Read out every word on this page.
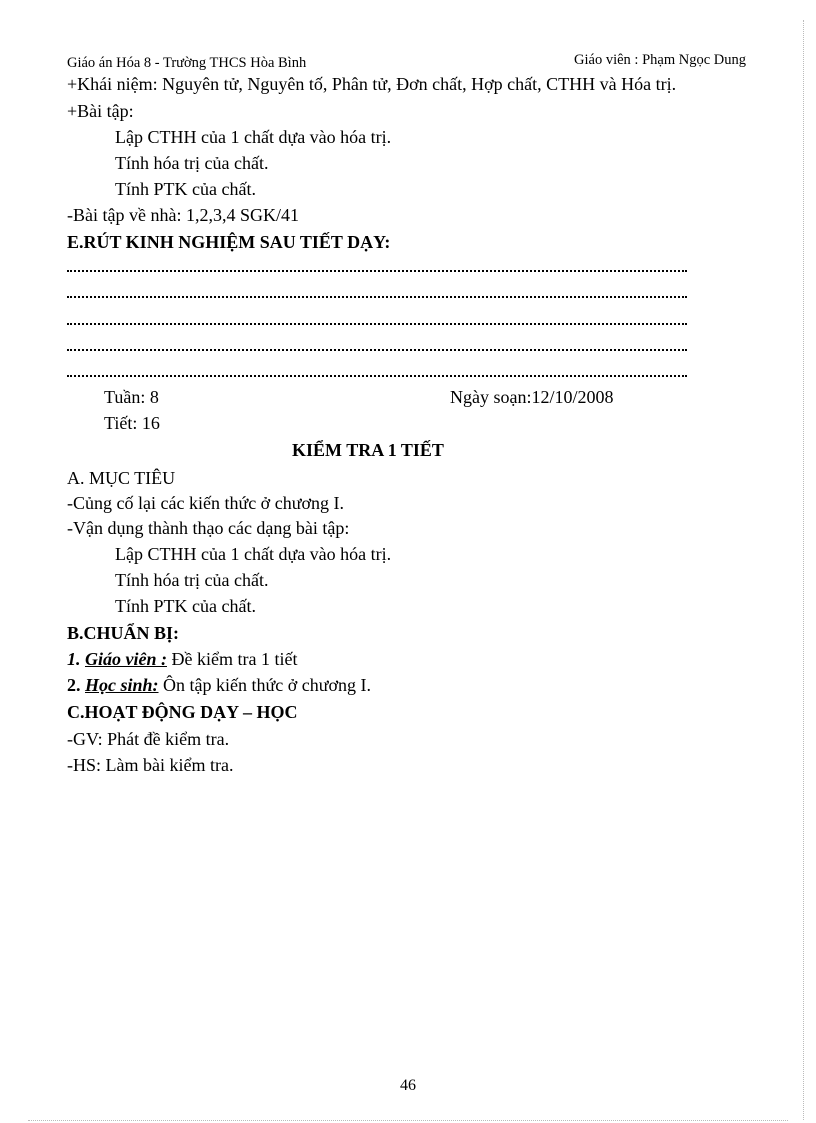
Giáo án Hóa 8 - Trường THCS Hòa Bình	Giáo viên : Phạm Ngọc Dung
+Khái niệm: Nguyên tử, Nguyên tố, Phân tử, Đơn chất, Hợp chất, CTHH và Hóa trị.
+Bài tập:
Lập CTHH của 1 chất dựa vào hóa trị.
Tính hóa trị của chất.
Tính PTK của chất.
-Bài tập về nhà: 1,2,3,4 SGK/41
E.RÚT KINH NGHIỆM SAU TIẾT DẠY:
Tuần: 8	Ngày soạn:12/10/2008
Tiết: 16
KIỂM TRA 1 TIẾT
A. MỤC TIÊU
-Củng cố lại các kiến thức ở chương I.
-Vận dụng thành thạo các dạng bài tập:
Lập CTHH của 1 chất dựa vào hóa trị.
Tính hóa trị của chất.
Tính PTK của chất.
B.CHUẨN BỊ:
1. Giáo viên : Đề kiểm tra 1 tiết
2. Học sinh: Ôn tập kiến thức ở chương I.
C.HOẠT ĐỘNG DẠY – HỌC
-GV: Phát đề kiểm tra.
-HS: Làm bài kiểm tra.
46
